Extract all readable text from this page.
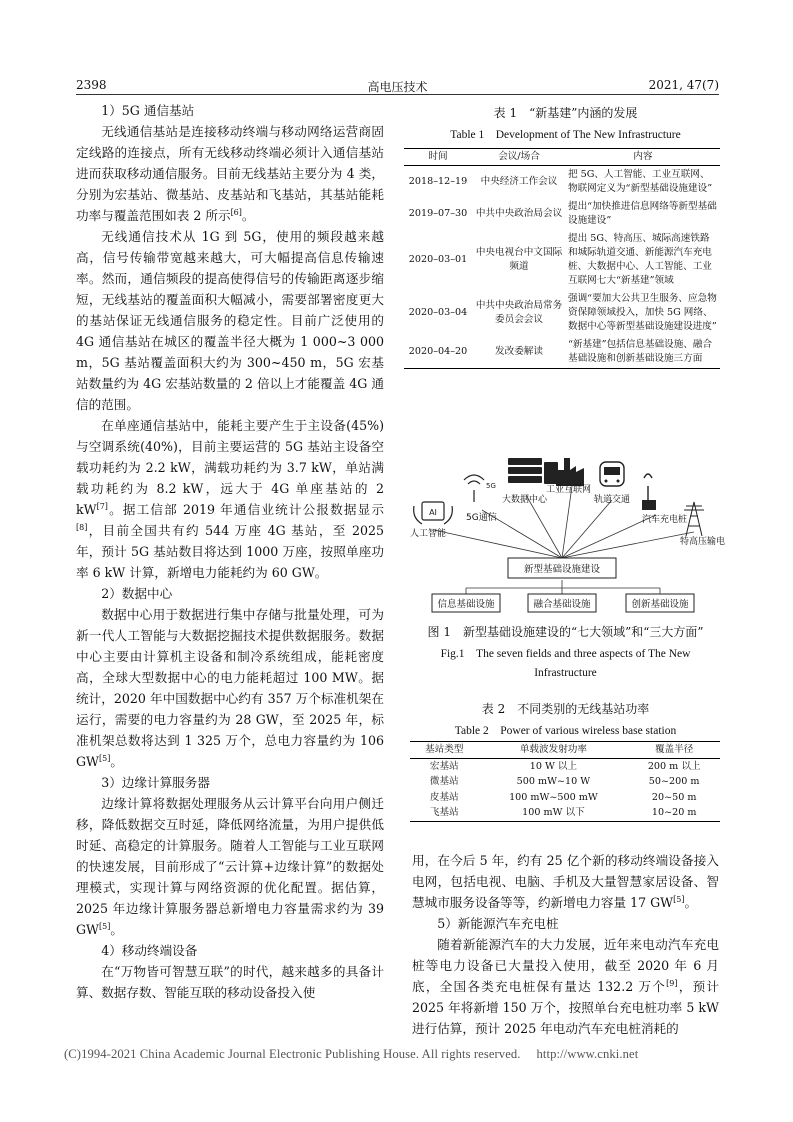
2398	高电压技术	2021, 47(7)
1）5G 通信基站

无线通信基站是连接移动终端与移动网络运营商固定线路的连接点，所有无线移动终端必须计入通信基站进而获取移动通信服务。目前无线基站主要分为 4 类，分别为宏基站、微基站、皮基站和飞基站，其基站能耗功率与覆盖范围如表 2 所示[6]。

无线通信技术从 1G 到 5G，使用的频段越来越高，信号传输带宽越来越大，可大幅提高信息传输速率。然而，通信频段的提高使得信号的传输距离逐步缩短，无线基站的覆盖面积大幅减小，需要部署密度更大的基站保证无线通信服务的稳定性。目前广泛使用的 4G 通信基站在城区的覆盖半径大概为 1 000~3 000 m，5G 基站覆盖面积大约为 300~450 m，5G 宏基站数量约为 4G 宏基站数量的 2 倍以上才能覆盖 4G 通信的范围。

在单座通信基站中，能耗主要产生于主设备(45%)与空调系统(40%)，目前主要运营的 5G 基站主设备空载功耗约为 2.2 kW，满载功耗约为 3.7 kW，单站满载功耗约为 8.2 kW，远大于 4G 单座基站的 2 kW[7]。据工信部 2019 年通信业统计公报数据显示[8]，目前全国共有约 544 万座 4G 基站，至 2025 年，预计 5G 基站数目将达到 1000 万座，按照单座功率 6 kW 计算，新增电力能耗约为 60 GW。

2）数据中心

数据中心用于数据进行集中存储与批量处理，可为新一代人工智能与大数据挖掘技术提供数据服务。数据中心主要由计算机主设备和制冷系统组成，能耗密度高，全球大型数据中心的电力能耗超过 100 MW。据统计，2020 年中国数据中心约有 357 万个标准机架在运行，需要的电力容量约为 28 GW，至 2025 年，标准机架总数将达到 1 325 万个，总电力容量约为 106 GW[5]。

3）边缘计算服务器

边缘计算将数据处理服务从云计算平台向用户侧迁移，降低数据交互时延，降低网络流量，为用户提供低时延、高稳定的计算服务。随着人工智能与工业互联网的快速发展，目前形成了“云计算+边缘计算”的数据处理模式，实现计算与网络资源的优化配置。据估算，2025 年边缘计算服务器总新增电力容量需求约为 39 GW[5]。

4）移动终端设备

在“万物皆可智慧互联”的时代，越来越多的具备计算、数据存数、智能互联的移动设备投入使

表 1　“新基建”内涵的发展
Table 1　Development of The New Infrastructure
时间	会议/场合	内容
2018–12–19	中央经济工作会议	把 5G、人工智能、工业互联网、物联网定义为“新型基础设施建设”
2019–07–30	中共中央政治局会议	提出“加快推进信息网络等新型基础设施建设”
2020–03–01	中央电视台中文国际频道	提出 5G、特高压、城际高速铁路和城际轨道交通、新能源汽车充电桩、大数据中心、人工智能、工业互联网七大“新基建”领域
2020–03–04	中共中央政治局常务委员会会议	强调“要加大公共卫生服务、应急物资保障领域投入，加快 5G 网络、数据中心等新型基础设施建设进度”
2020–04–20	发改委解读	“新基建”包括信息基础设施、融合基础设施和创新基础设施三方面
AI
5G
人工智能
5G通信
大数据中心
工业互联网
轨道交通
汽车充电桩
特高压输电
新型基础设施建设
信息基础设施	融合基础设施	创新基础设施
图 1　新型基础设施建设的“七大领域”和“三大方面”
Fig.1　The seven fields and three aspects of The New
Infrastructure
表 2　不同类别的无线基站功率
Table 2　Power of various wireless base station
基站类型	单载波发射功率	覆盖半径
宏基站	10 W 以上	200 m 以上
微基站	500 mW~10 W	50~200 m
皮基站	100 mW~500 mW	20~50 m
飞基站	100 mW 以下	10~20 m

用，在今后 5 年，约有 25 亿个新的移动终端设备接入电网，包括电视、电脑、手机及大量智慧家居设备、智慧城市服务设备等等，约新增电力容量 17 GW[5]。

5）新能源汽车充电桩

随着新能源汽车的大力发展，近年来电动汽车充电桩等电力设备已大量投入使用，截至 2020 年 6 月底，全国各类充电桩保有量达 132.2 万个[9]，预计 2025 年将新增 150 万个，按照单台充电桩功率 5 kW 进行估算，预计 2025 年电动汽车充电桩消耗的

(C)1994-2021 China Academic Journal Electronic Publishing House. All rights reserved.　 http://www.cnki.net
